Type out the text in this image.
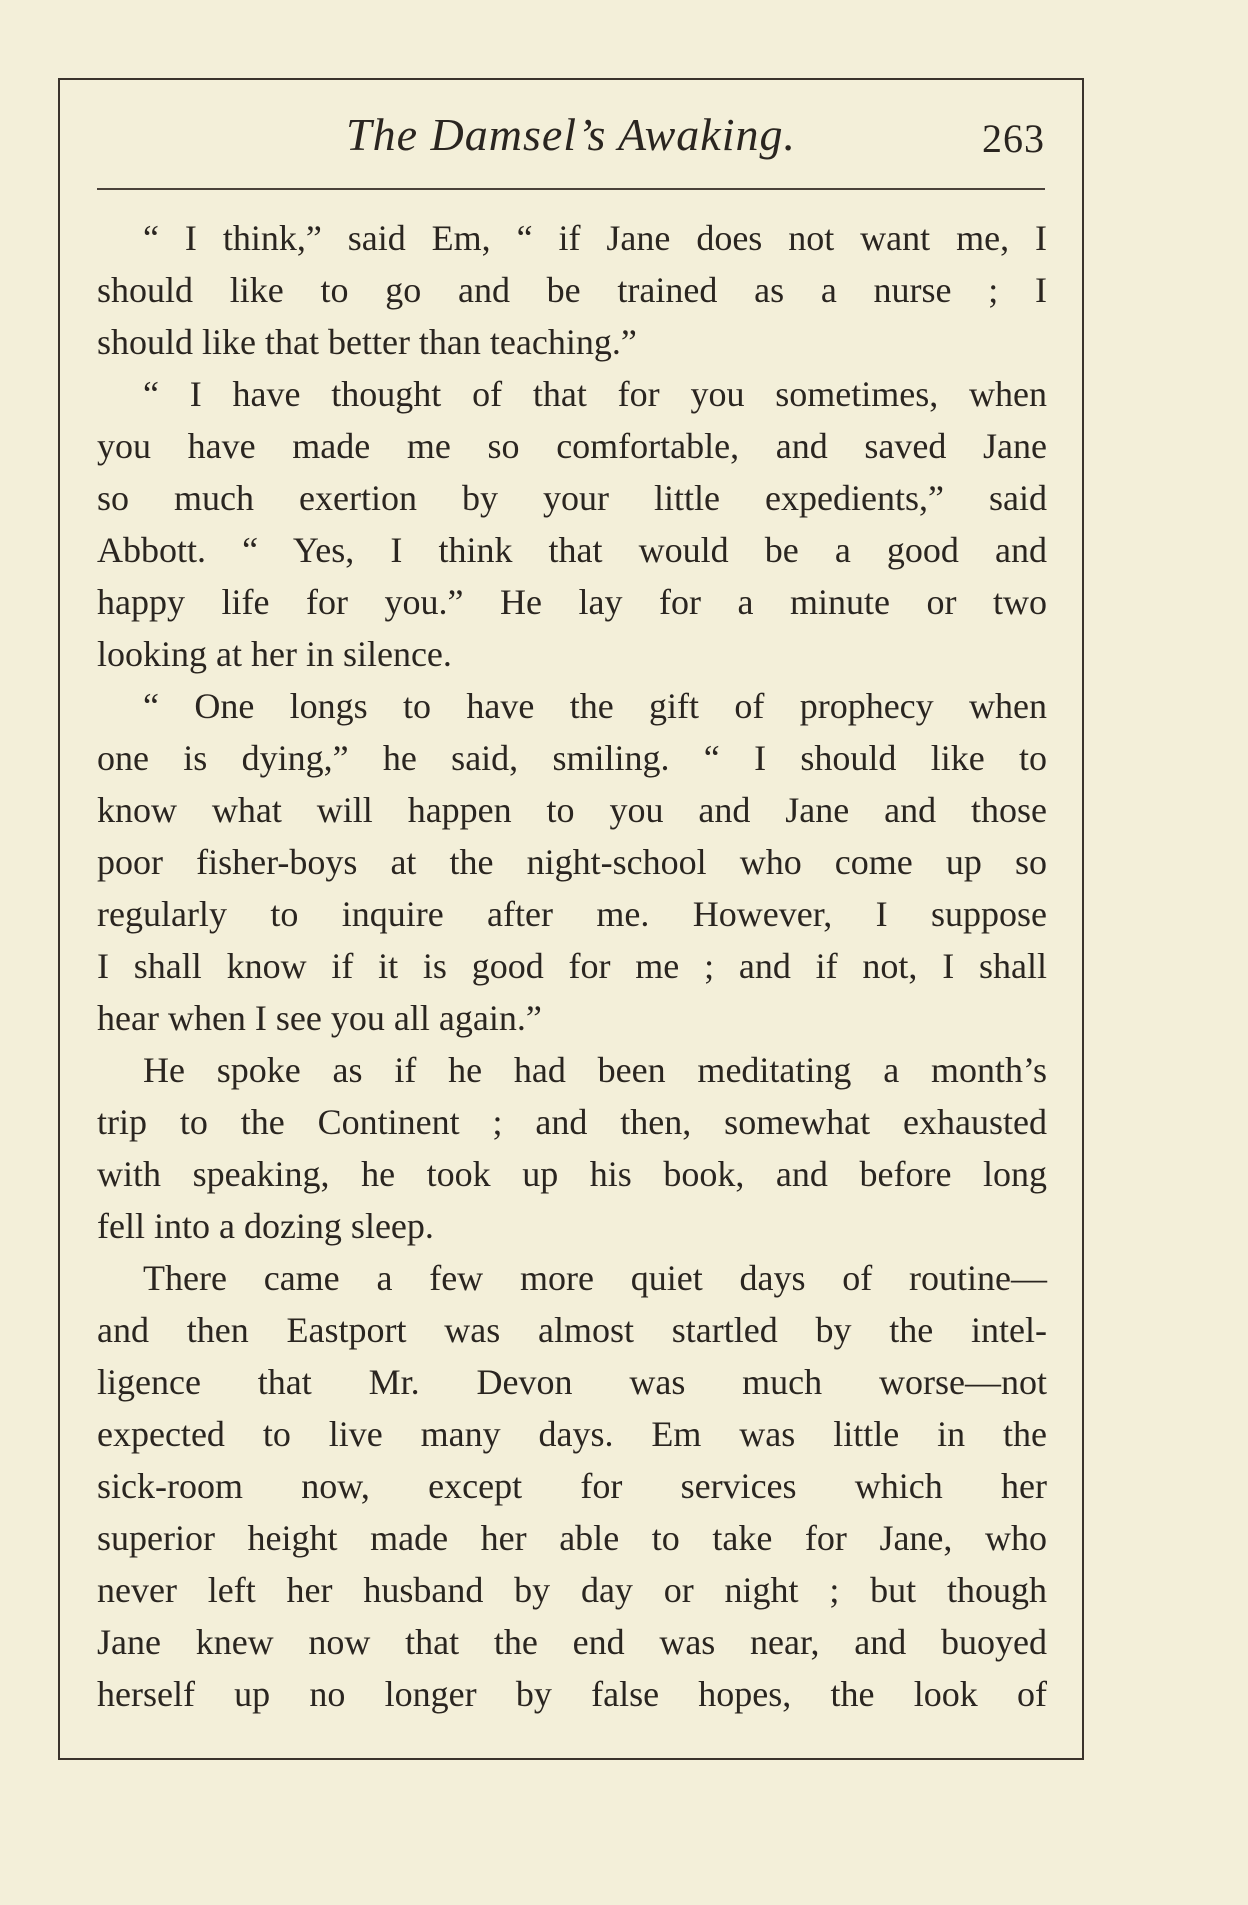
The Damsel’s Awaking.	263
“ I think,” said Em, “ if Jane does not want me, I
should like to go and be trained as a nurse ; I
should like that better than teaching.”
“ I have thought of that for you sometimes, when
you have made me so comfortable, and saved Jane
so much exertion by your little expedients,” said
Abbott. “ Yes, I think that would be a good and
happy life for you.” He lay for a minute or two
looking at her in silence.
“ One longs to have the gift of prophecy when
one is dying,” he said, smiling. “ I should like to
know what will happen to you and Jane and those
poor fisher-boys at the night-school who come up so
regularly to inquire after me. However, I suppose
I shall know if it is good for me ; and if not, I shall
hear when I see you all again.”
He spoke as if he had been meditating a month’s
trip to the Continent ; and then, somewhat exhausted
with speaking, he took up his book, and before long
fell into a dozing sleep.
There came a few more quiet days of routine—
and then Eastport was almost startled by the intel-
ligence that Mr. Devon was much worse—not
expected to live many days. Em was little in the
sick-room now, except for services which her
superior height made her able to take for Jane, who
never left her husband by day or night ; but though
Jane knew now that the end was near, and buoyed
herself up no longer by false hopes, the look of
